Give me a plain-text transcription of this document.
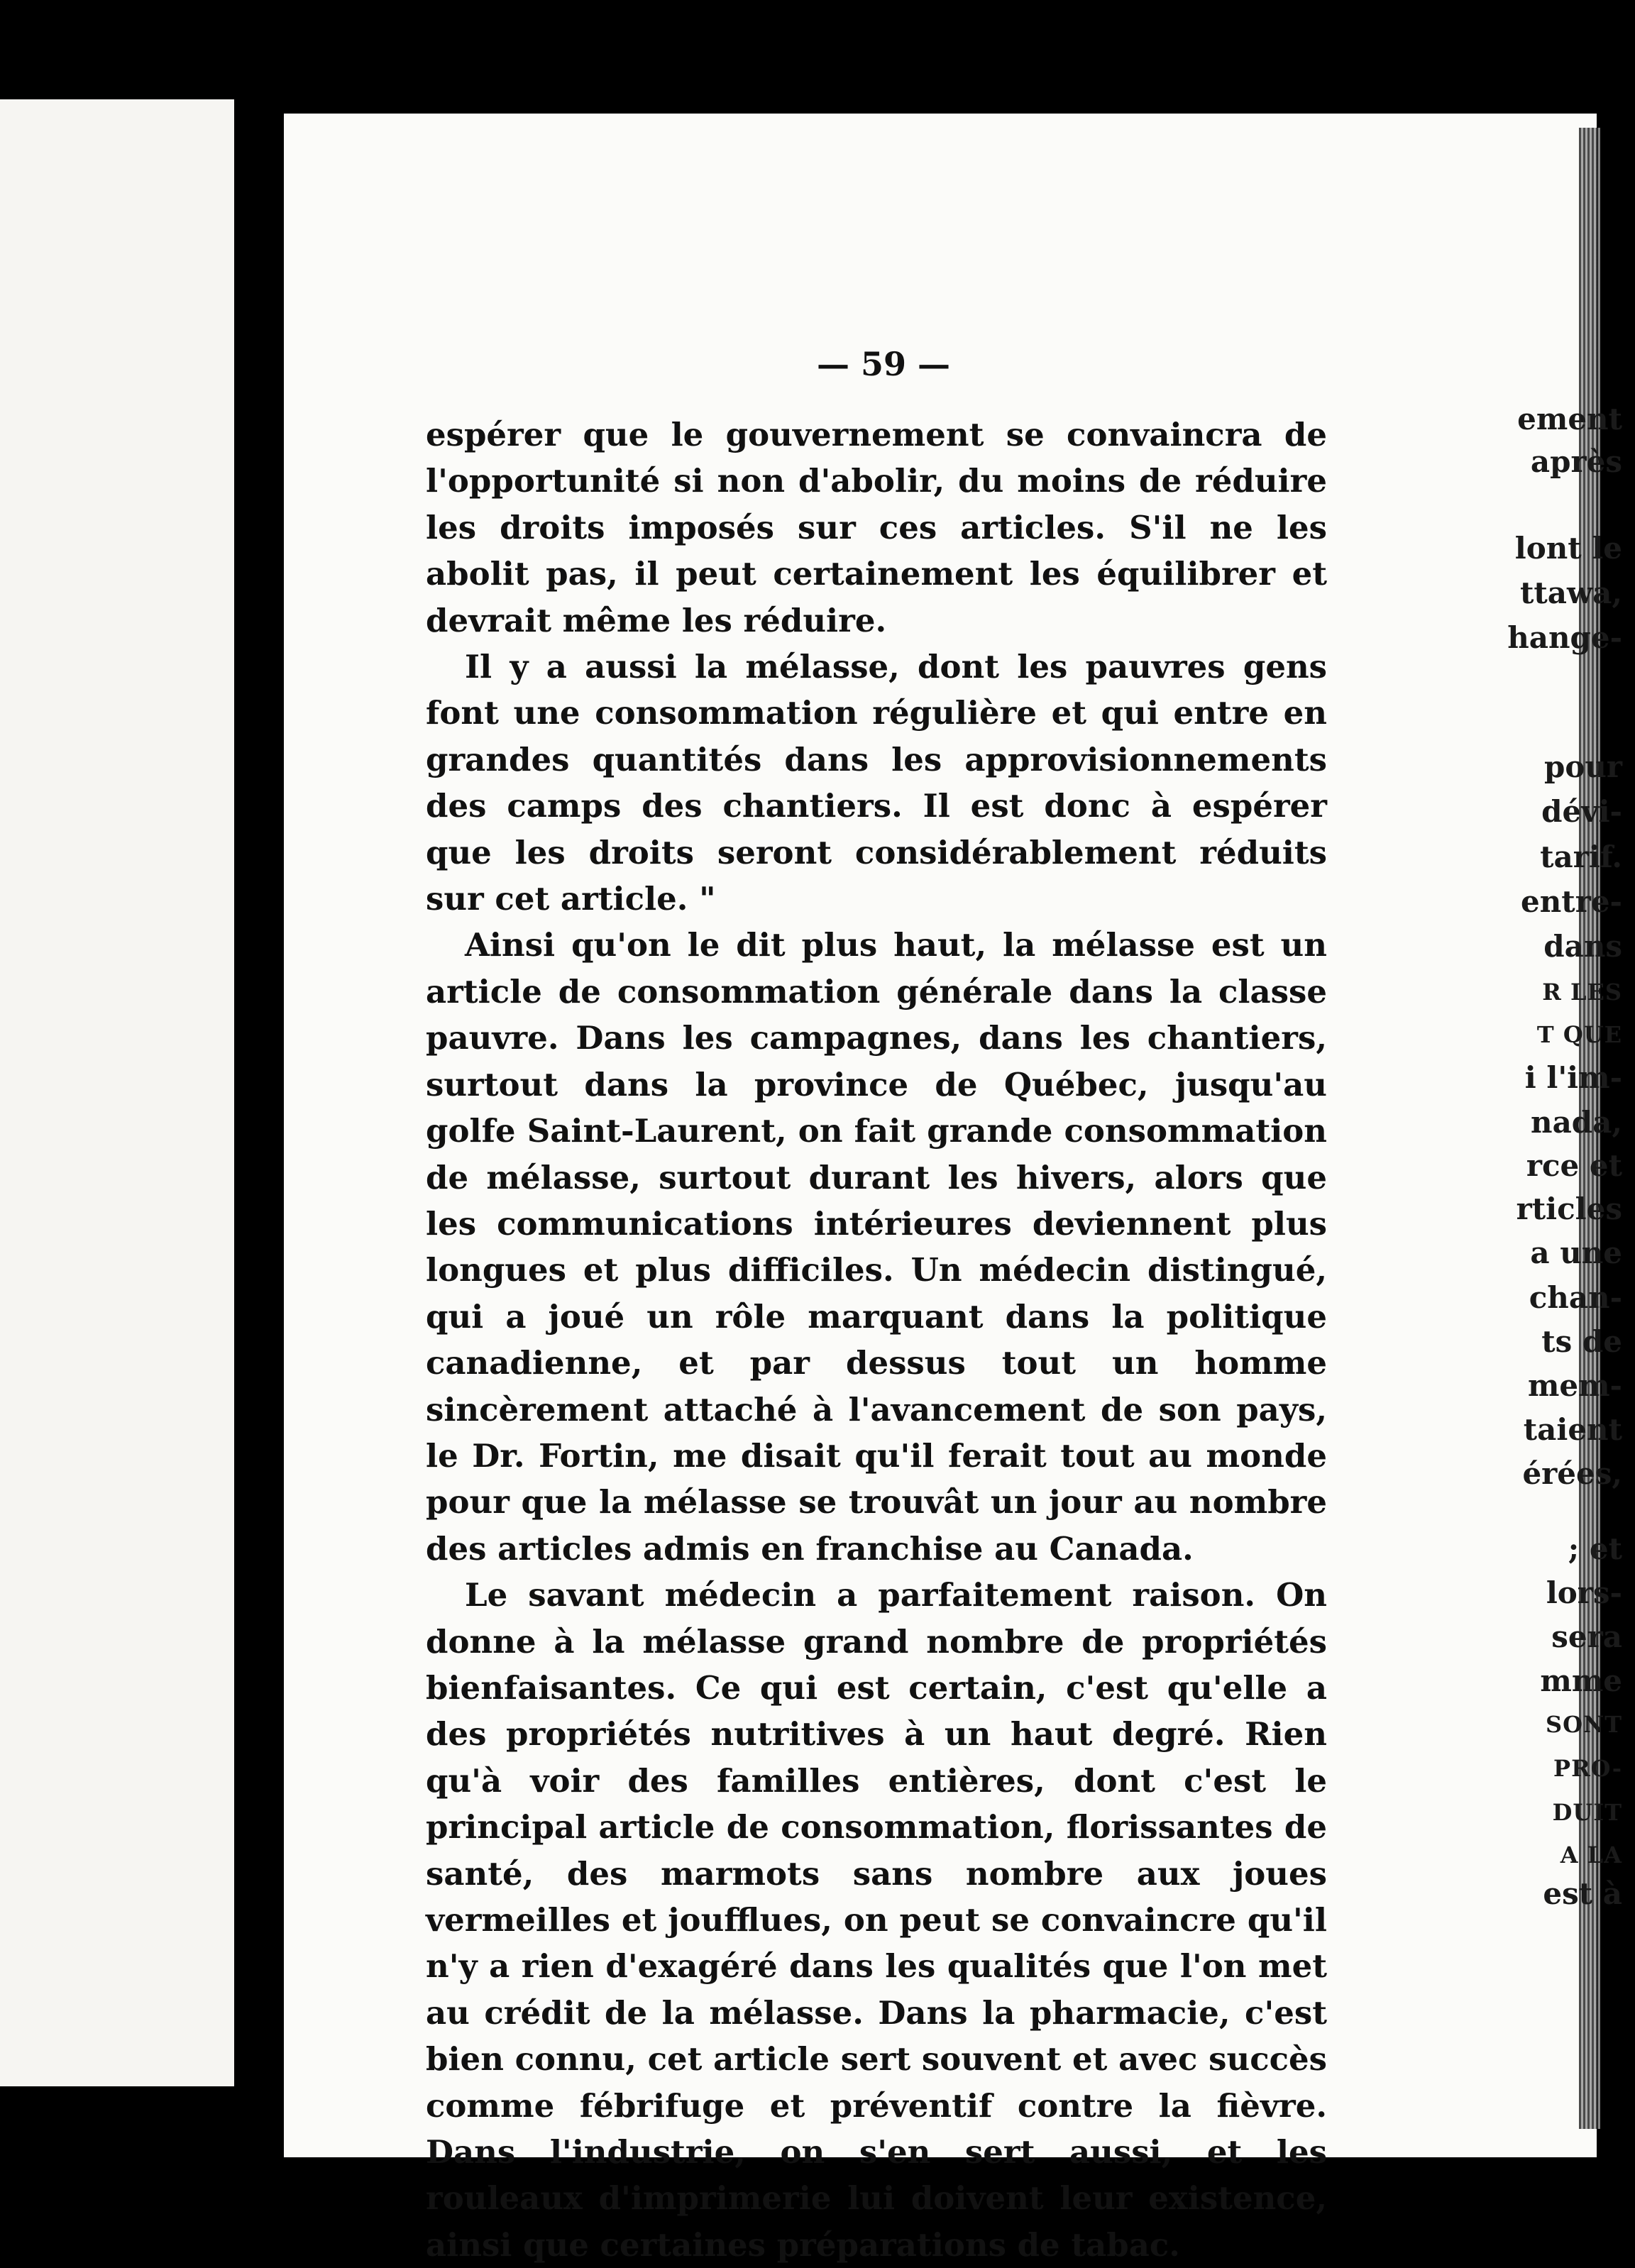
ement

après

lont le

ttawa,

hange-

pour

dévi-

tarif.

entre-

dans

R LES

T QUE

i l'im-

nada,

rce et

rticles

a une

chan-

ts de

mem-

taient

érées,

; et

lors-

sera

mme

SONT

PRO-

DUIT

A LA

est à

— 59 —

espérer que le gouvernement se convaincra de l'opportunité si non d'abolir, du moins de réduire les droits imposés sur ces articles. S'il ne les abolit pas, il peut certainement les équilibrer et devrait même les réduire.

Il y a aussi la mélasse, dont les pauvres gens font une consommation régulière et qui entre en grandes quantités dans les approvisionnements des camps des chantiers. Il est donc à espérer que les droits seront considérablement réduits sur cet article. "

Ainsi qu'on le dit plus haut, la mélasse est un article de consommation générale dans la classe pauvre. Dans les campagnes, dans les chantiers, surtout dans la province de Québec, jusqu'au golfe Saint-Laurent, on fait grande consommation de mélasse, surtout durant les hivers, alors que les communications intérieures deviennent plus longues et plus difficiles. Un médecin distingué, qui a joué un rôle marquant dans la politique canadienne, et par dessus tout un homme sincèrement attaché à l'avancement de son pays, le Dr. Fortin, me disait qu'il ferait tout au monde pour que la mélasse se trouvât un jour au nombre des articles admis en franchise au Canada.

Le savant médecin a parfaitement raison. On donne à la mélasse grand nombre de propriétés bienfaisantes. Ce qui est certain, c'est qu'elle a des propriétés nutritives à un haut degré. Rien qu'à voir des familles entières, dont c'est le principal article de consommation, florissantes de santé, des marmots sans nombre aux joues vermeilles et joufflues, on peut se convaincre qu'il n'y a rien d'exagéré dans les qualités que l'on met au crédit de la mélasse. Dans la pharmacie, c'est bien connu, cet article sert souvent et avec succès comme fébrifuge et préventif contre la fièvre. Dans l'industrie, on s'en sert aussi, et les rouleaux d'imprimerie lui doivent leur existence, ainsi que certaines préparations de tabac.
